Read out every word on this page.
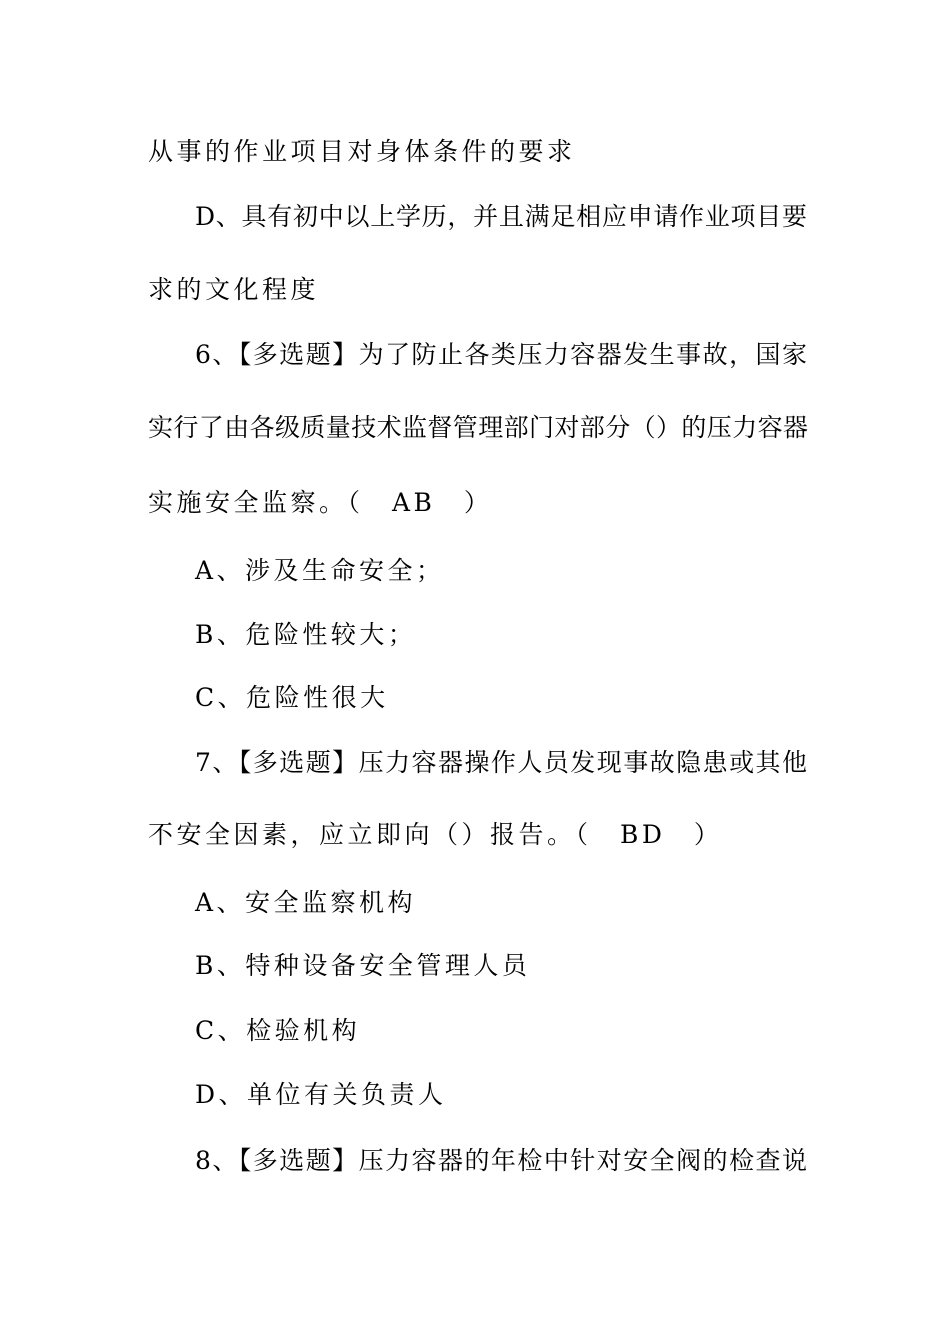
从事的作业项目对身体条件的要求
D、具有初中以上学历，并且满足相应申请作业项目要
求的文化程度
6、【多选题】为了防止各类压力容器发生事故，国家
实行了由各级质量技术监督管理部门对部分（）的压力容器
实施安全监察。（　AB　）
A、涉及生命安全；
B、危险性较大；
C、危险性很大
7、【多选题】压力容器操作人员发现事故隐患或其他
不安全因素，应立即向（）报告。（　BD　）
A、安全监察机构
B、特种设备安全管理人员
C、检验机构
D、单位有关负责人
8、【多选题】压力容器的年检中针对安全阀的检查说
